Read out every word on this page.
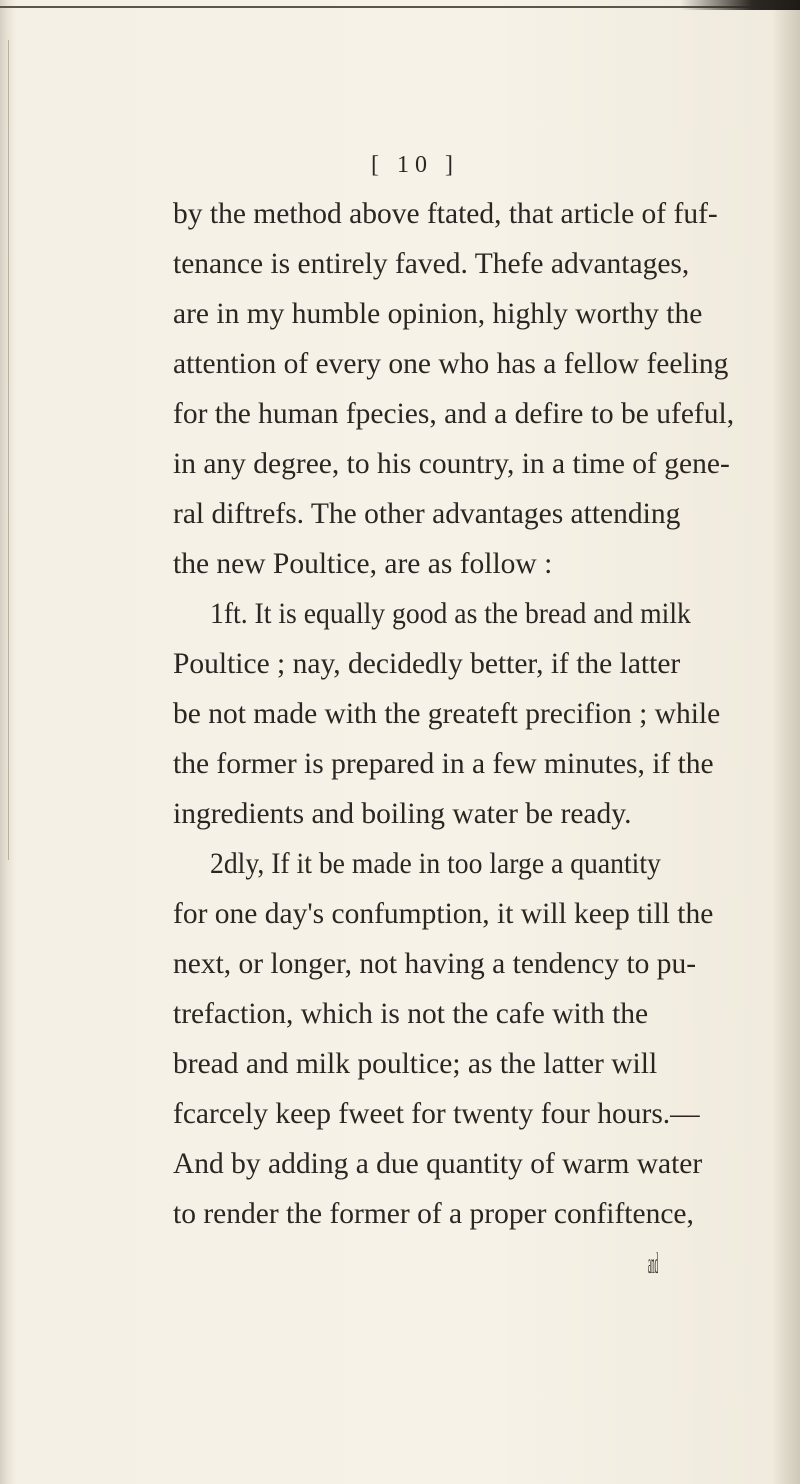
[ 10 ]
by the method above ftated, that article of fuf-
tenance is entirely faved. Thefe advantages,
are in my humble opinion, highly worthy the
attention of every one who has a fellow feeling
for the human fpecies, and a defire to be ufeful,
in any degree, to his country, in a time of gene-
ral diftrefs. The other advantages attending
the new Poultice, are as follow :
1ft. It is equally good as the bread and milk
Poultice ; nay, decidedly better, if the latter
be not made with the greateft precifion ; while
the former is prepared in a few minutes, if the
ingredients and boiling water be ready.
2dly, If it be made in too large a quantity
for one day's confumption, it will keep till the
next, or longer, not having a tendency to pu-
trefaction, which is not the cafe with the
bread and milk poultice; as the latter will
fcarcely keep fweet for twenty four hours.—
And by adding a due quantity of warm water
to render the former of a proper confiftence,
and
